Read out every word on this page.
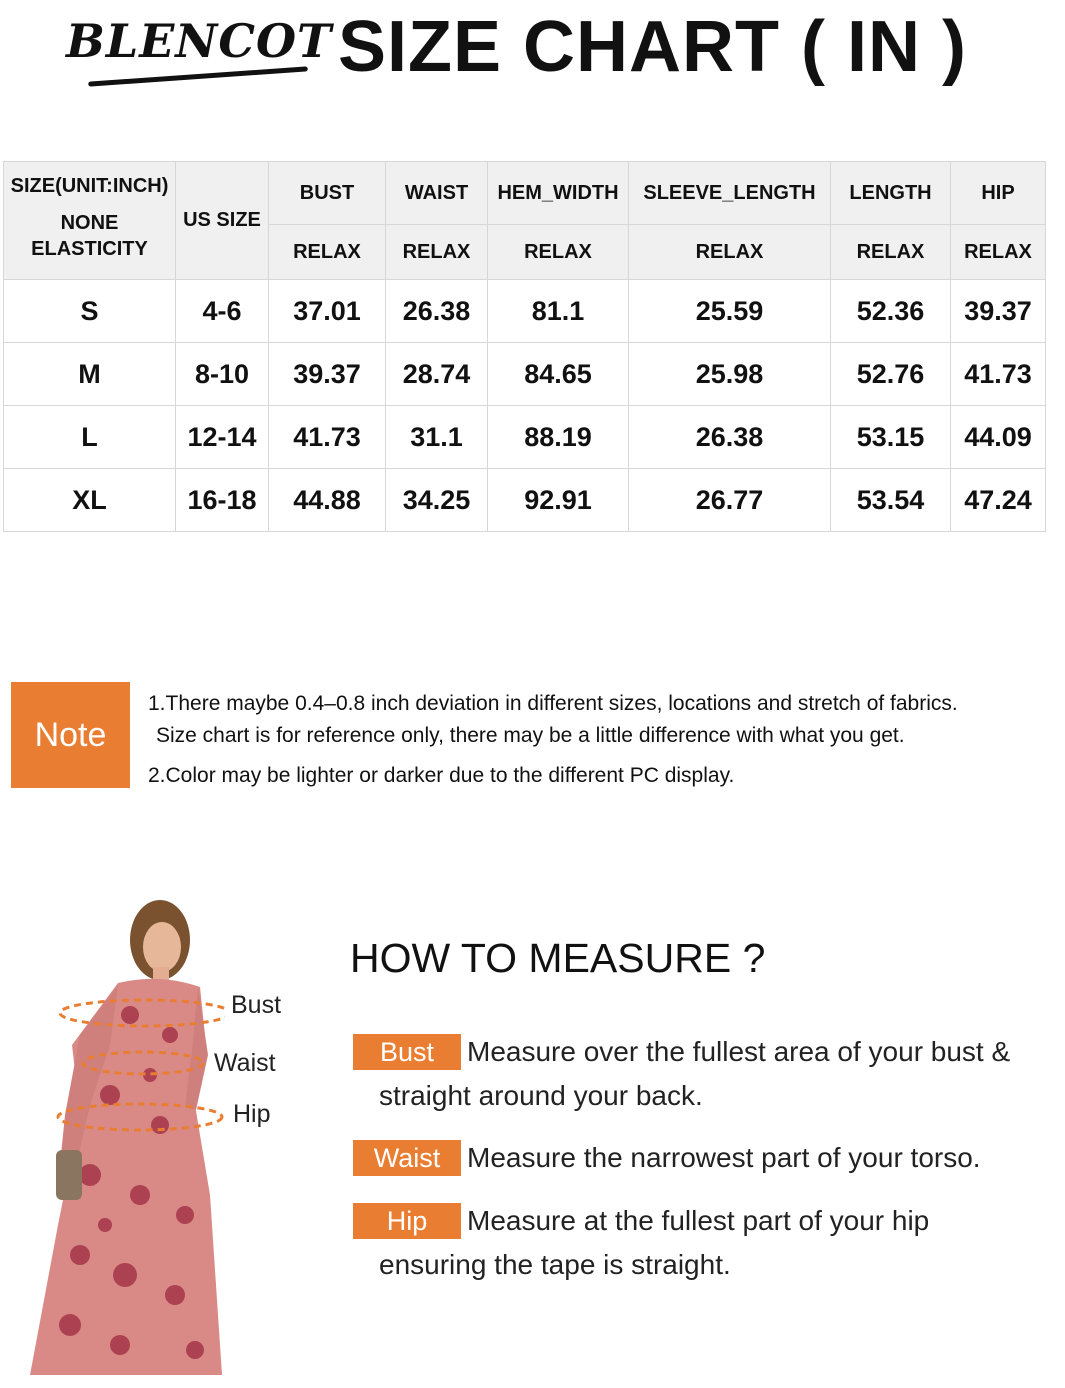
BLENCOT SIZE CHART ( IN )
SIZE(UNIT:INCH)
NONE ELASTICITY	US SIZE	BUST	WAIST	HEM_WIDTH	SLEEVE_LENGTH	LENGTH	HIP
		RELAX	RELAX	RELAX	RELAX	RELAX	RELAX
S	4-6	37.01	26.38	81.1	25.59	52.36	39.37
M	8-10	39.37	28.74	84.65	25.98	52.76	41.73
L	12-14	41.73	31.1	88.19	26.38	53.15	44.09
XL	16-18	44.88	34.25	92.91	26.77	53.54	47.24
Note
1.There maybe 0.4–0.8 inch deviation in different sizes, locations and stretch of fabrics.
Size chart is for reference only, there may be a little difference with what you get.
2.Color may be lighter or darker due to the different PC display.
Bust
Waist
Hip
HOW TO MEASURE ?
Bust Measure over the fullest area of your bust &
straight around your back.
Waist Measure the narrowest part of your torso.
Hip Measure at the fullest part of your hip
ensuring the tape is straight.
